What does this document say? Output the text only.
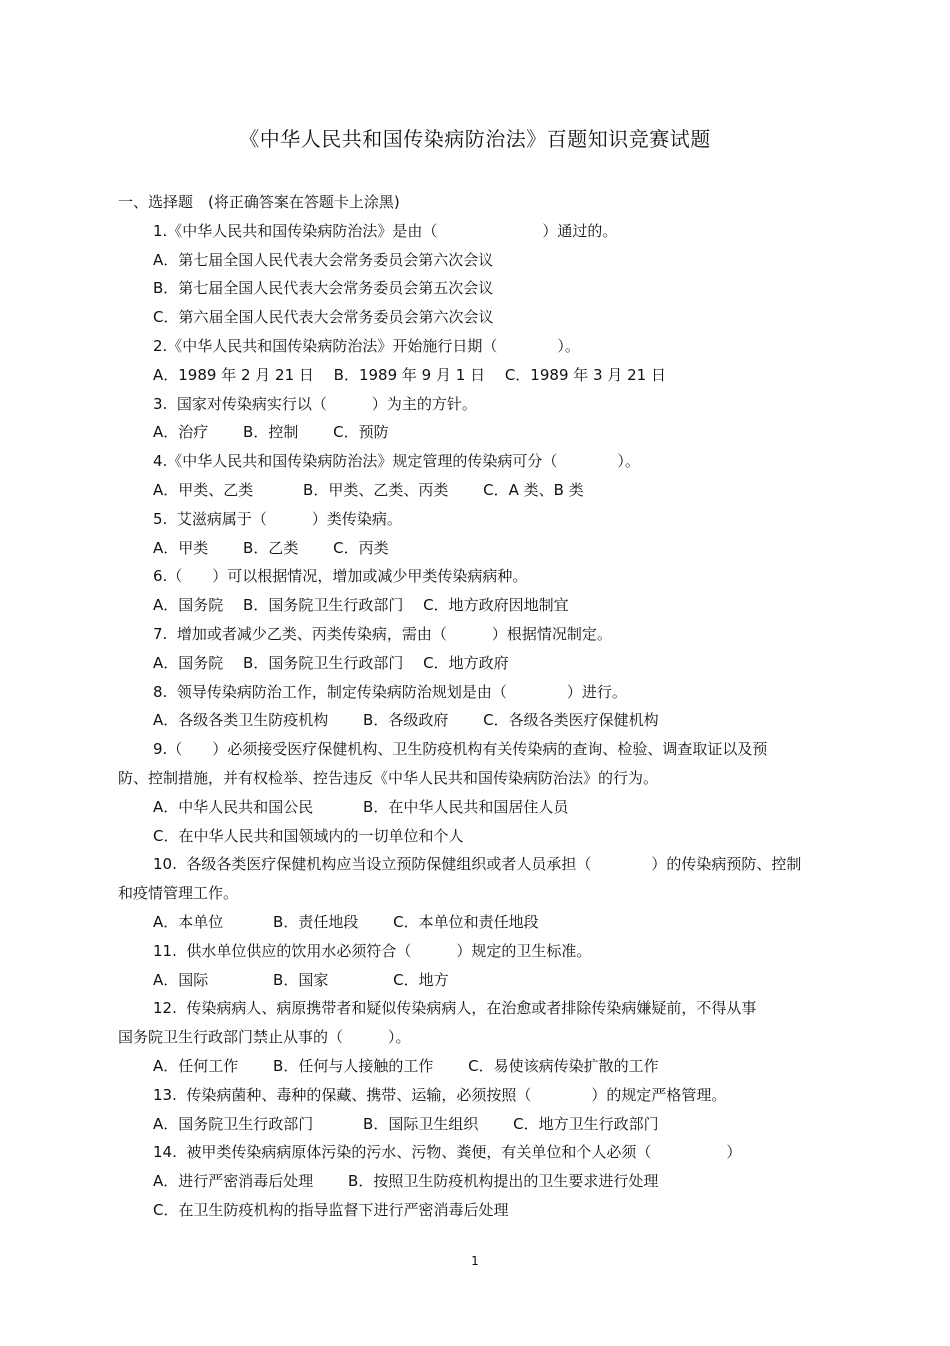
《中华人民共和国传染病防治法》百题知识竞赛试题
一、选择题　(将正确答案在答题卡上涂黑)
1.《中华人民共和国传染病防治法》是由（　　　　　　　）通过的。
A．第七届全国人民代表大会常务委员会第六次会议
B．第七届全国人民代表大会常务委员会第五次会议
C．第六届全国人民代表大会常务委员会第六次会议
2.《中华人民共和国传染病防治法》开始施行日期（　　　　）。
A．1989 年 2 月 21 日　 B．1989 年 9 月 1 日　 C．1989 年 3 月 21 日
3.  国家对传染病实行以（　　　）为主的方针。
A．治疗　　 B．控制　　 C．预防
4.《中华人民共和国传染病防治法》规定管理的传染病可分（　　　　）。
A．甲类、乙类　　　 B．甲类、乙类、丙类　　 C．A 类、B 类
5.  艾滋病属于（　　　）类传染病。
A．甲类　　 B．乙类　　 C．丙类
6.（　　）可以根据情况，增加或减少甲类传染病病种。
A．国务院　 B．国务院卫生行政部门　 C．地方政府因地制宜
7.  增加或者减少乙类、丙类传染病，需由（　　　）根据情况制定。
A．国务院　 B．国务院卫生行政部门　 C．地方政府
8.  领导传染病防治工作，制定传染病防治规划是由（　　　　）进行。
A．各级各类卫生防疫机构　　 B．各级政府　　 C．各级各类医疗保健机构
9.（　　）必须接受医疗保健机构、卫生防疫机构有关传染病的查询、检验、调查取证以及预
防、控制措施，并有权检举、控告违反《中华人民共和国传染病防治法》的行为。
A．中华人民共和国公民　　　 B．在中华人民共和国居住人员
C．在中华人民共和国领域内的一切单位和个人
10.  各级各类医疗保健机构应当设立预防保健组织或者人员承担（　　　　）的传染病预防、控制
和疫情管理工作。
A．本单位　　　 B．责任地段　　 C．本单位和责任地段
11.  供水单位供应的饮用水必须符合（　　　）规定的卫生标准。
A．国际　　　　 B．国家　　　　 C．地方
12.  传染病病人、病原携带者和疑似传染病病人，在治愈或者排除传染病嫌疑前，不得从事
国务院卫生行政部门禁止从事的（　　　）。
A．任何工作　　 B．任何与人接触的工作　　 C．易使该病传染扩散的工作
13.  传染病菌种、毒种的保藏、携带、运输，必须按照（　　　　）的规定严格管理。
A．国务院卫生行政部门　　　 B．国际卫生组织　　 C．地方卫生行政部门
14.  被甲类传染病病原体污染的污水、污物、粪便，有关单位和个人必须（　　　　　）
A．进行严密消毒后处理　　 B．按照卫生防疫机构提出的卫生要求进行处理
C．在卫生防疫机构的指导监督下进行严密消毒后处理
1
